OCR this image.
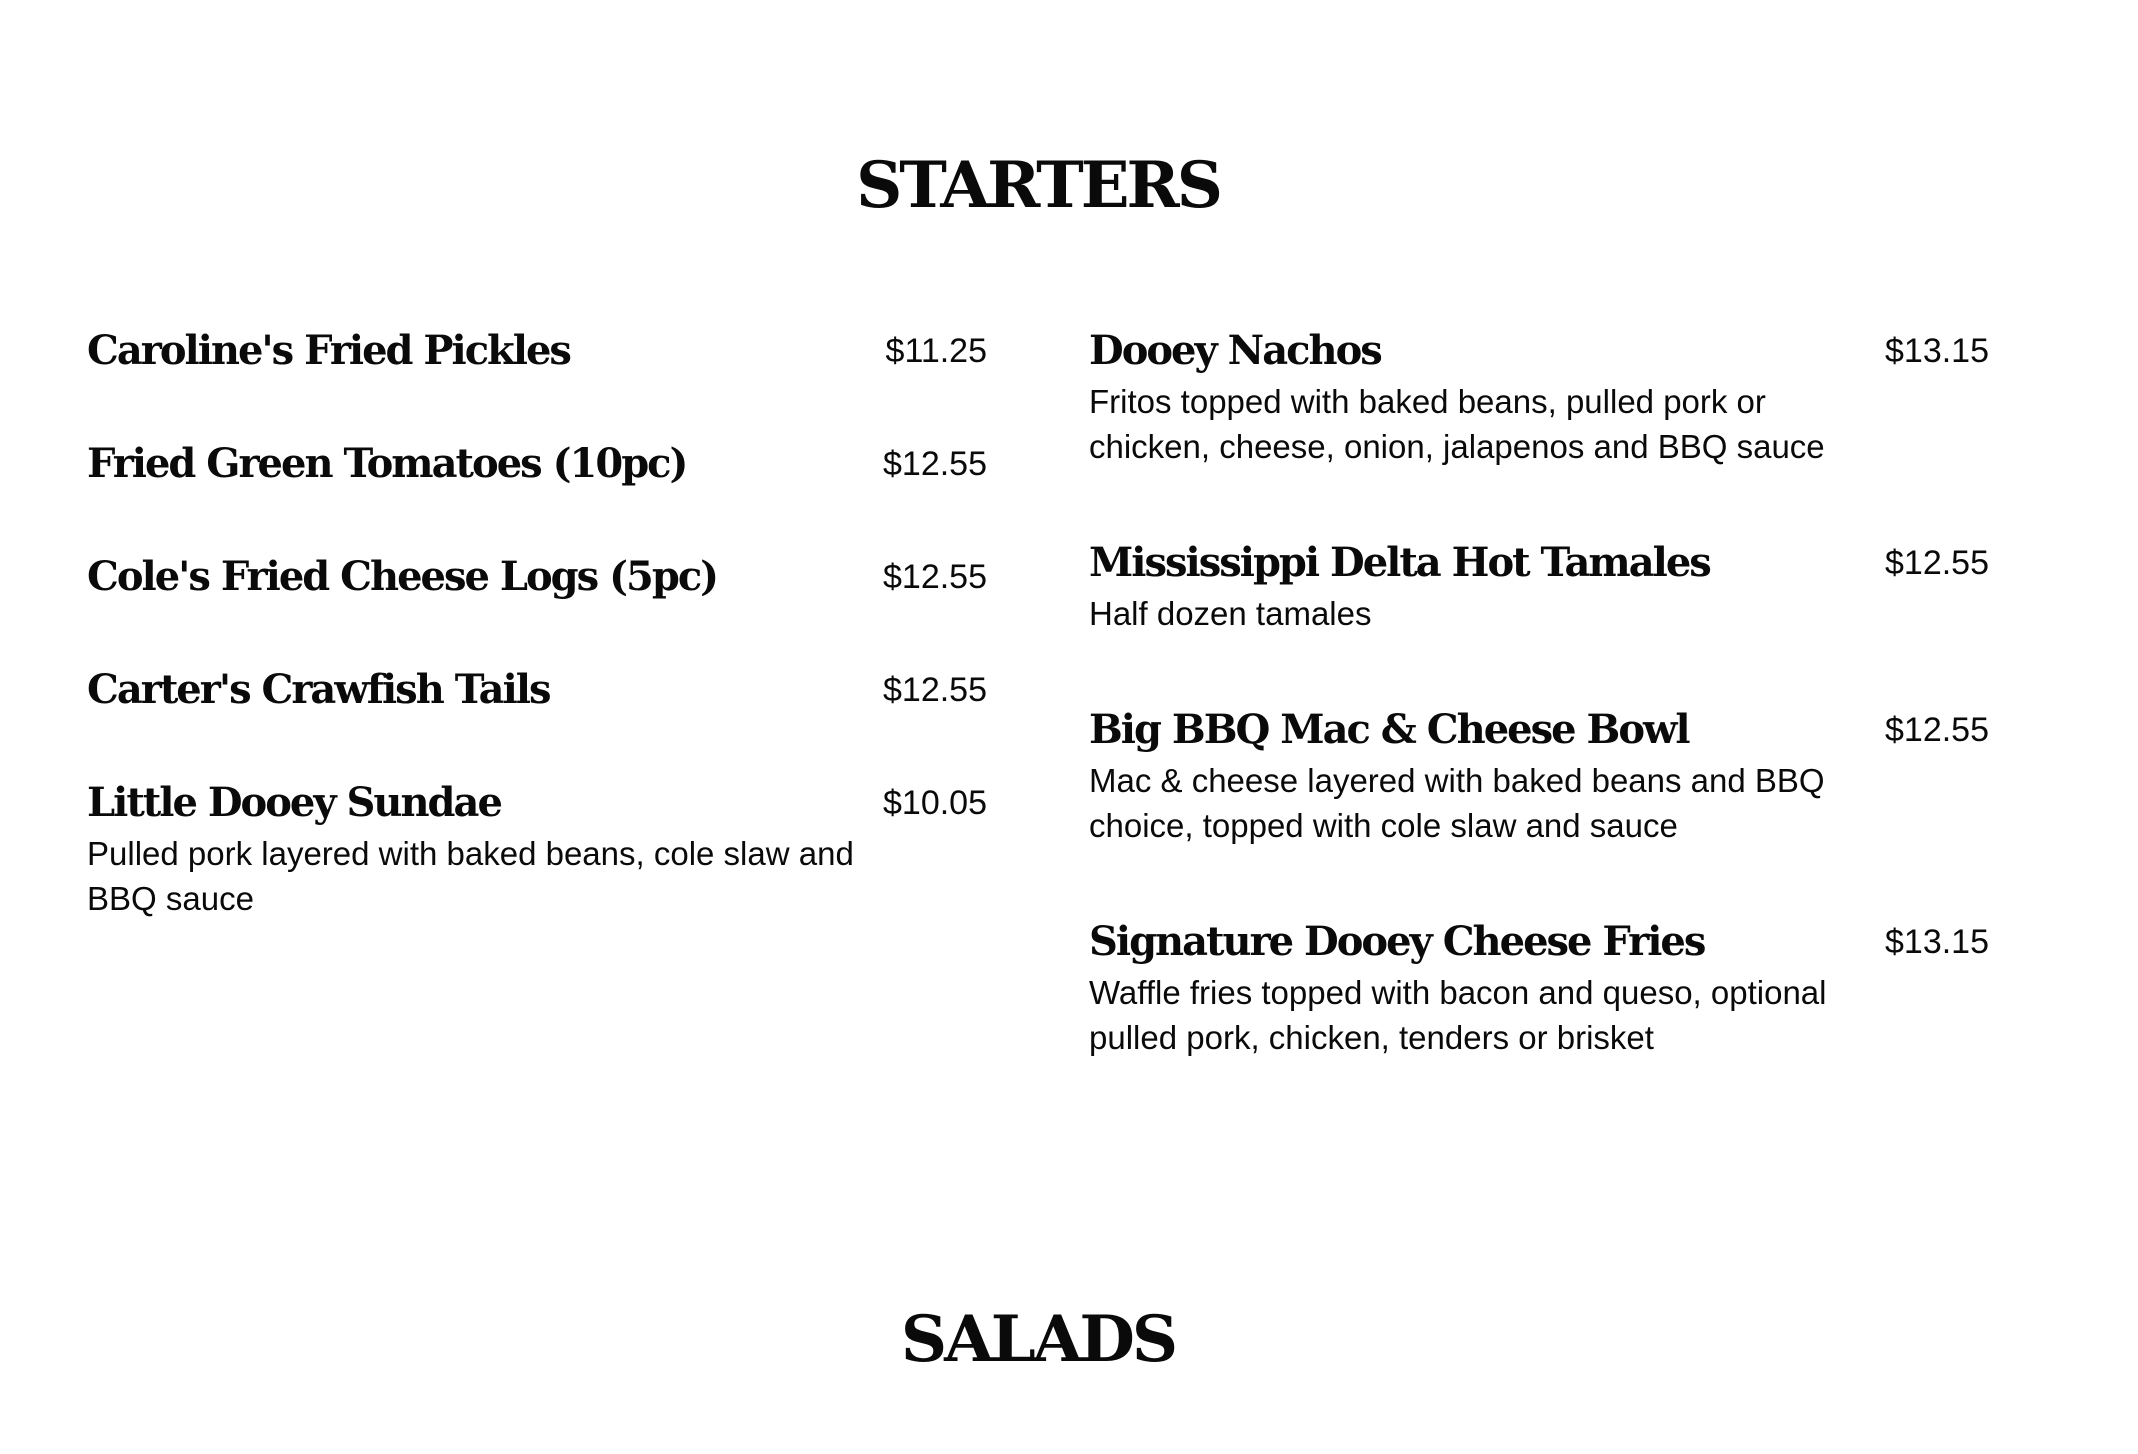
STARTERS
Caroline's Fried Pickles	$11.25
Fried Green Tomatoes (10pc)	$12.55
Cole's Fried Cheese Logs (5pc)	$12.55
Carter's Crawfish Tails	$12.55
Little Dooey Sundae	$10.05
Pulled pork layered with baked beans, cole slaw and BBQ sauce
Dooey Nachos	$13.15
Fritos topped with baked beans, pulled pork or chicken, cheese, onion, jalapenos and BBQ sauce
Mississippi Delta Hot Tamales	$12.55
Half dozen tamales
Big BBQ Mac & Cheese Bowl	$12.55
Mac & cheese layered with baked beans and BBQ choice, topped with cole slaw and sauce
Signature Dooey Cheese Fries	$13.15
Waffle fries topped with bacon and queso, optional pulled pork, chicken, tenders or brisket
SALADS
